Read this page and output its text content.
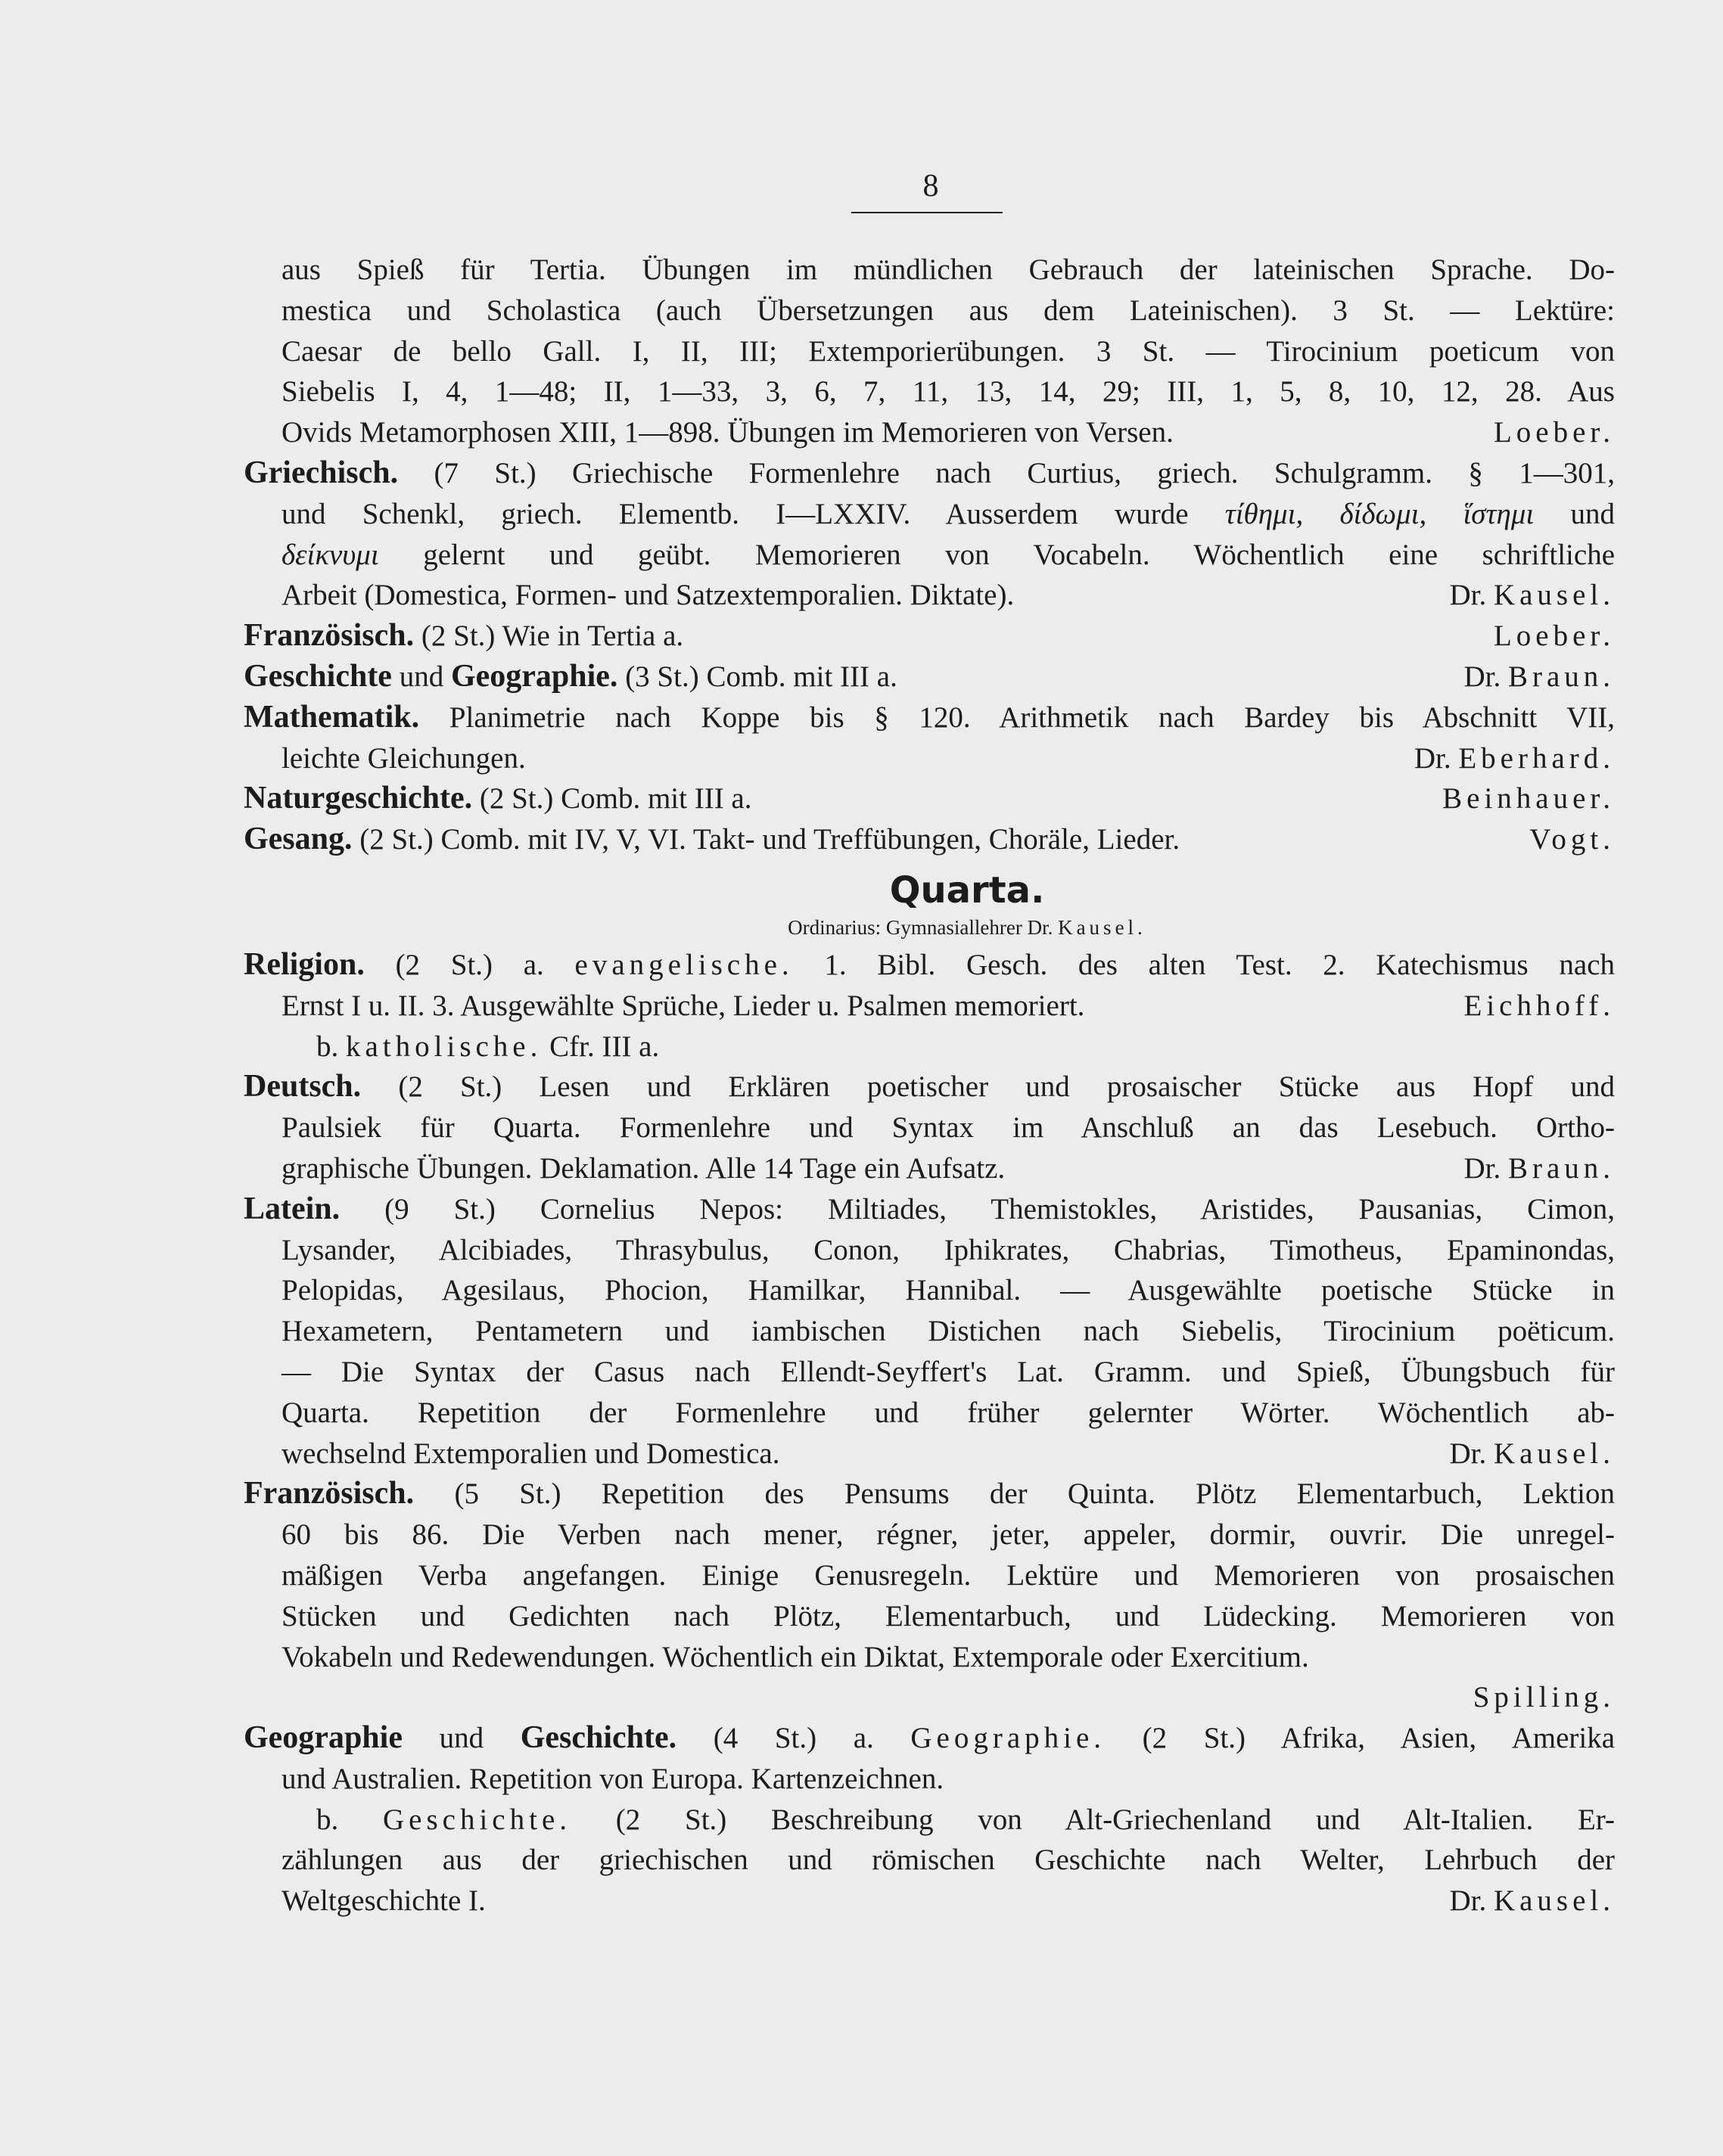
8
aus Spieß für Tertia. Übungen im mündlichen Gebrauch der lateinischen Sprache. Do-
mestica und Scholastica (auch Übersetzungen aus dem Lateinischen). 3 St. — Lektüre:
Caesar de bello Gall. I, II, III; Extemporierübungen. 3 St. — Tirocinium poeticum von
Siebelis I, 4, 1—48; II, 1—33, 3, 6, 7, 11, 13, 14, 29; III, 1, 5, 8, 10, 12, 28. Aus
Ovids Metamorphosen XIII, 1—898. Übungen im Memorieren von Versen.	Loeber.
Griechisch. (7 St.) Griechische Formenlehre nach Curtius, griech. Schulgramm. § 1—301,
und Schenkl, griech. Elementb. I—LXXIV. Ausserdem wurde τίθημι, δίδωμι, ἵστημι und
δείκνυμι gelernt und geübt. Memorieren von Vocabeln. Wöchentlich eine schriftliche
Arbeit (Domestica, Formen- und Satzextemporalien. Diktate).	Dr. Kausel.
Französisch. (2 St.) Wie in Tertia a.	Loeber.
Geschichte und Geographie. (3 St.) Comb. mit III a.	Dr. Braun.
Mathematik. Planimetrie nach Koppe bis § 120. Arithmetik nach Bardey bis Abschnitt VII,
leichte Gleichungen.	Dr. Eberhard.
Naturgeschichte. (2 St.) Comb. mit III a.	Beinhauer.
Gesang. (2 St.) Comb. mit IV, V, VI. Takt- und Treffübungen, Choräle, Lieder.	Vogt.
Quarta.
Ordinarius: Gymnasiallehrer Dr. Kausel.
Religion. (2 St.) a. evangelische. 1. Bibl. Gesch. des alten Test. 2. Katechismus nach
Ernst I u. II. 3. Ausgewählte Sprüche, Lieder u. Psalmen memoriert.	Eichhoff.
b. katholische. Cfr. III a.
Deutsch. (2 St.) Lesen und Erklären poetischer und prosaischer Stücke aus Hopf und
Paulsiek für Quarta. Formenlehre und Syntax im Anschluß an das Lesebuch. Ortho-
graphische Übungen. Deklamation. Alle 14 Tage ein Aufsatz.	Dr. Braun.
Latein. (9 St.) Cornelius Nepos: Miltiades, Themistokles, Aristides, Pausanias, Cimon,
Lysander, Alcibiades, Thrasybulus, Conon, Iphikrates, Chabrias, Timotheus, Epaminondas,
Pelopidas, Agesilaus, Phocion, Hamilkar, Hannibal. — Ausgewählte poetische Stücke in
Hexametern, Pentametern und iambischen Distichen nach Siebelis, Tirocinium poëticum.
— Die Syntax der Casus nach Ellendt-Seyffert's Lat. Gramm. und Spieß, Übungsbuch für
Quarta. Repetition der Formenlehre und früher gelernter Wörter. Wöchentlich ab-
wechselnd Extemporalien und Domestica.	Dr. Kausel.
Französisch. (5 St.) Repetition des Pensums der Quinta. Plötz Elementarbuch, Lektion
60 bis 86. Die Verben nach mener, régner, jeter, appeler, dormir, ouvrir. Die unregel-
mäßigen Verba angefangen. Einige Genusregeln. Lektüre und Memorieren von prosaischen
Stücken und Gedichten nach Plötz, Elementarbuch, und Lüdecking. Memorieren von
Vokabeln und Redewendungen. Wöchentlich ein Diktat, Extemporale oder Exercitium.
Spilling.
Geographie und Geschichte. (4 St.) a. Geographie. (2 St.) Afrika, Asien, Amerika
und Australien. Repetition von Europa. Kartenzeichnen.
b. Geschichte. (2 St.) Beschreibung von Alt-Griechenland und Alt-Italien. Er-
zählungen aus der griechischen und römischen Geschichte nach Welter, Lehrbuch der
Weltgeschichte I.	Dr. Kausel.
